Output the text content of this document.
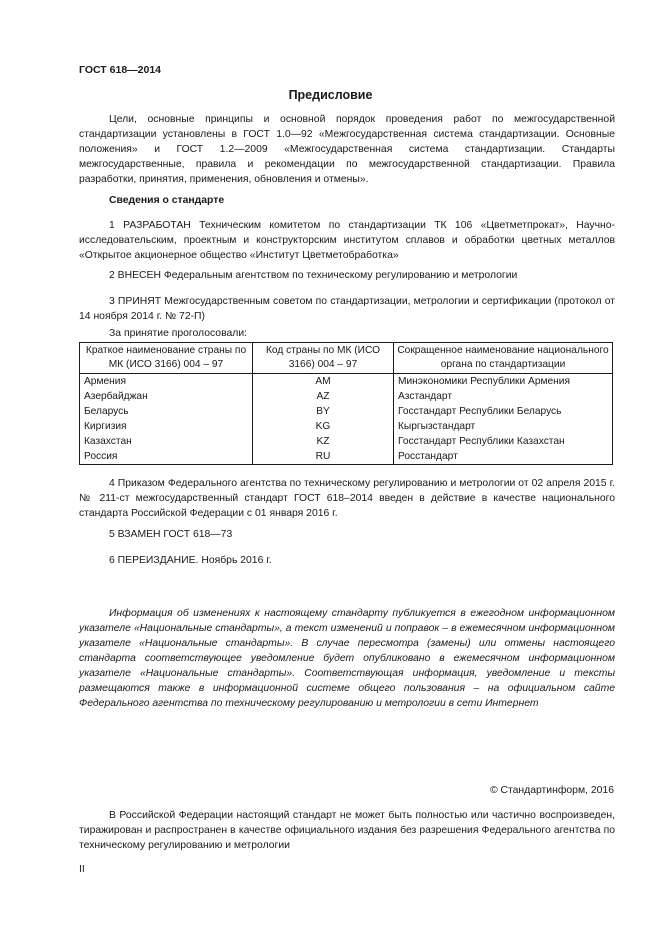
ГОСТ 618—2014
Предисловие

Цели, основные принципы и основной порядок проведения работ по межгосударственной стандартизации установлены в ГОСТ 1.0—92 «Межгосударственная система стандартизации. Основные положения» и ГОСТ 1.2—2009 «Межгосударственная система стандартизации. Стандарты межгосударственные, правила и рекомендации по межгосударственной стандартизации. Правила разработки, принятия, применения, обновления и отмены».

Сведения о стандарте

1 РАЗРАБОТАН Техническим комитетом по стандартизации ТК 106 «Цветметпрокат», Научно-исследовательским, проектным и конструкторским институтом сплавов и обработки цветных металлов «Открытое акционерное общество «Институт Цветметобработка»

2 ВНЕСЕН Федеральным агентством по техническому регулированию и метрологии

3 ПРИНЯТ Межгосударственным советом по стандартизации, метрологии и сертификации (протокол от 14 ноября 2014 г. № 72-П)

За принятие проголосовали:
Краткое наименование страны по МК (ИСО 3166) 004 – 97	Код страны по МК (ИСО 3166) 004 – 97	Сокращенное наименование национального органа по стандартизации
Армения	AM	Минэкономики Республики Армения
Азербайджан	AZ	Азстандарт
Беларусь	BY	Госстандарт Республики Беларусь
Киргизия	KG	Кыргызстандарт
Казахстан	KZ	Госстандарт Республики Казахстан
Россия	RU	Росстандарт

4 Приказом Федерального агентства по техническому регулированию и метрологии от 02 апреля 2015 г. № 211-ст межгосударственный стандарт ГОСТ 618–2014 введен в действие в качестве национального стандарта Российской Федерации с 01 января 2016 г.

5 ВЗАМЕН ГОСТ 618—73
6 ПЕРЕИЗДАНИЕ. Ноябрь 2016 г.

Информация об изменениях к настоящему стандарту публикуется в ежегодном информационном указателе «Национальные стандарты», а текст изменений и поправок – в ежемесячном информационном указателе «Национальные стандарты». В случае пересмотра (замены) или отмены настоящего стандарта соответствующее уведомление будет опубликовано в ежемесячном информационном указателе «Национальные стандарты». Соответствующая информация, уведомление и тексты размещаются также в информационной системе общего пользования – на официальном сайте Федерального агентства по техническому регулированию и метрологии в сети Интернет

© Стандартинформ, 2016

В Российской Федерации настоящий стандарт не может быть полностью или частично воспроизведен, тиражирован и распространен в качестве официального издания без разрешения Федерального агентства по техническому регулированию и метрологии

II
